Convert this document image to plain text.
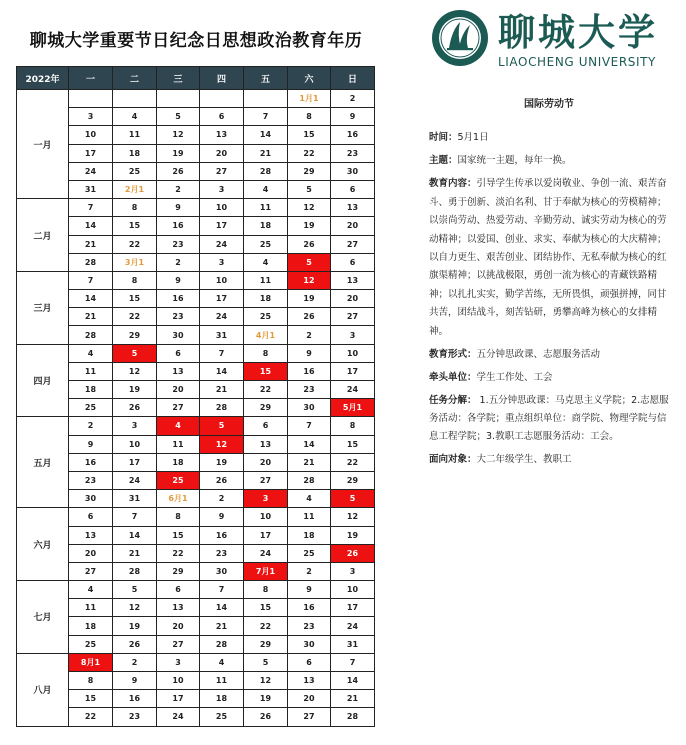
聊城大学重要节日纪念日思想政治教育年历
2022年	一	二	三	四	五	六	日
一月						1月1	2
	3	4	5	6	7	8	9
	10	11	12	13	14	15	16
	17	18	19	20	21	22	23
	24	25	26	27	28	29	30
	31	2月1	2	3	4	5	6
二月	7	8	9	10	11	12	13
	14	15	16	17	18	19	20
	21	22	23	24	25	26	27
	28	3月1	2	3	4	5	6
三月	7	8	9	10	11	12	13
	14	15	16	17	18	19	20
	21	22	23	24	25	26	27
	28	29	30	31	4月1	2	3
四月	4	5	6	7	8	9	10
	11	12	13	14	15	16	17
	18	19	20	21	22	23	24
	25	26	27	28	29	30	5月1
五月	2	3	4	5	6	7	8
	9	10	11	12	13	14	15
	16	17	18	19	20	21	22
	23	24	25	26	27	28	29
	30	31	6月1	2	3	4	5
六月	6	7	8	9	10	11	12
	13	14	15	16	17	18	19
	20	21	22	23	24	25	26
	27	28	29	30	7月1	2	3
七月	4	5	6	7	8	9	10
	11	12	13	14	15	16	17
	18	19	20	21	22	23	24
	25	26	27	28	29	30	31
八月	8月1	2	3	4	5	6	7
	8	9	10	11	12	13	14
	15	16	17	18	19	20	21
	22	23	24	25	26	27	28
聊城大学
LIAOCHENG UNIVERSITY
国际劳动节
时间：5月1日
主题：国家统一主题，每年一换。
教育内容：引导学生传承以爱岗敬业、争创一流、艰苦奋斗、勇于创新、淡泊名利、甘于奉献为核心的劳模精神；以崇尚劳动、热爱劳动、辛勤劳动、诚实劳动为核心的劳动精神；以爱国、创业、求实、奉献为核心的大庆精神；以自力更生、艰苦创业、团结协作、无私奉献为核心的红旗渠精神；以挑战极限，勇创一流为核心的青藏铁路精神；以扎扎实实，勤学苦练，无所畏惧，顽强拼搏，同甘共苦，团结战斗，刻苦钻研，勇攀高峰为核心的女排精神。
教育形式：五分钟思政课、志愿服务活动
牵头单位：学生工作处、工会
任务分解： 1.五分钟思政课：马克思主义学院；2.志愿服务活动：各学院；重点组织单位：商学院、物理学院与信息工程学院；3.教职工志愿服务活动：工会。
面向对象：大二年级学生、教职工
